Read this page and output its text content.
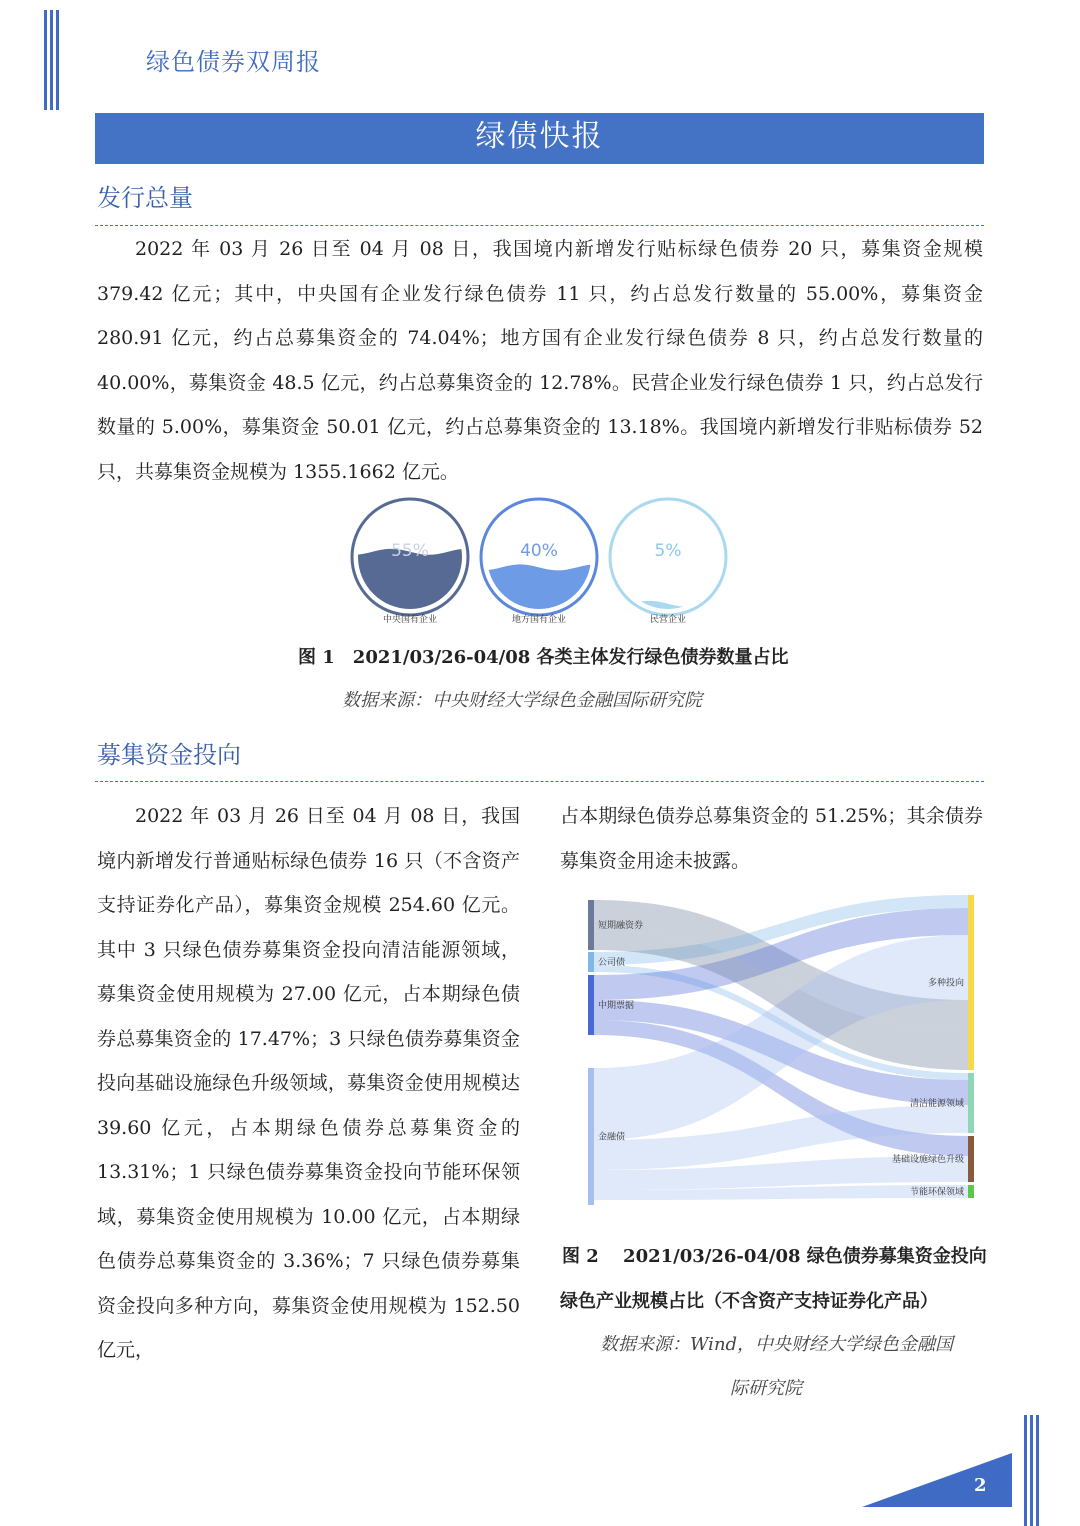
绿色债券双周报
绿债快报
发行总量
2022 年 03 月 26 日至 04 月 08 日，我国境内新增发行贴标绿色债券 20 只，募集资金规模 379.42 亿元；其中，中央国有企业发行绿色债券 11 只，约占总发行数量的 55.00%，募集资金 280.91 亿元，约占总募集资金的 74.04%；地方国有企业发行绿色债券 8 只，约占总发行数量的 40.00%，募集资金 48.5 亿元，约占总募集资金的 12.78%。民营企业发行绿色债券 1 只，约占总发行数量的 5.00%，募集资金 50.01 亿元，约占总募集资金的 13.18%。我国境内新增发行非贴标债券 52 只，共募集资金规模为 1355.1662 亿元。
55%
中央国有企业
40%
地方国有企业
5%
民营企业
图 1　2021/03/26-04/08 各类主体发行绿色债券数量占比
数据来源：中央财经大学绿色金融国际研究院
募集资金投向
2022 年 03 月 26 日至 04 月 08 日，我国境内新增发行普通贴标绿色债券 16 只（不含资产支持证券化产品），募集资金规模 254.60 亿元。其中 3 只绿色债券募集资金投向清洁能源领域，募集资金使用规模为 27.00 亿元，占本期绿色债券总募集资金的 17.47%；3 只绿色债券募集资金投向基础设施绿色升级领域，募集资金使用规模达 39.60 亿元，占本期绿色债券总募集资金的 13.31%；1 只绿色债券募集资金投向节能环保领域，募集资金使用规模为 10.00 亿元，占本期绿色债券总募集资金的 3.36%；7 只绿色债券募集资金投向多种方向，募集资金使用规模为 152.50 亿元，
占本期绿色债券总募集资金的 51.25%；其余债券募集资金用途未披露。
短期融资券
公司债
中期票据
金融债
多种投向
清洁能源领域
基础设施绿色升级
节能环保领域
图 2　 2021/03/26-04/08 绿色债券募集资金投向
绿色产业规模占比（不含资产支持证券化产品）
数据来源：Wind，中央财经大学绿色金融国
际研究院
2
